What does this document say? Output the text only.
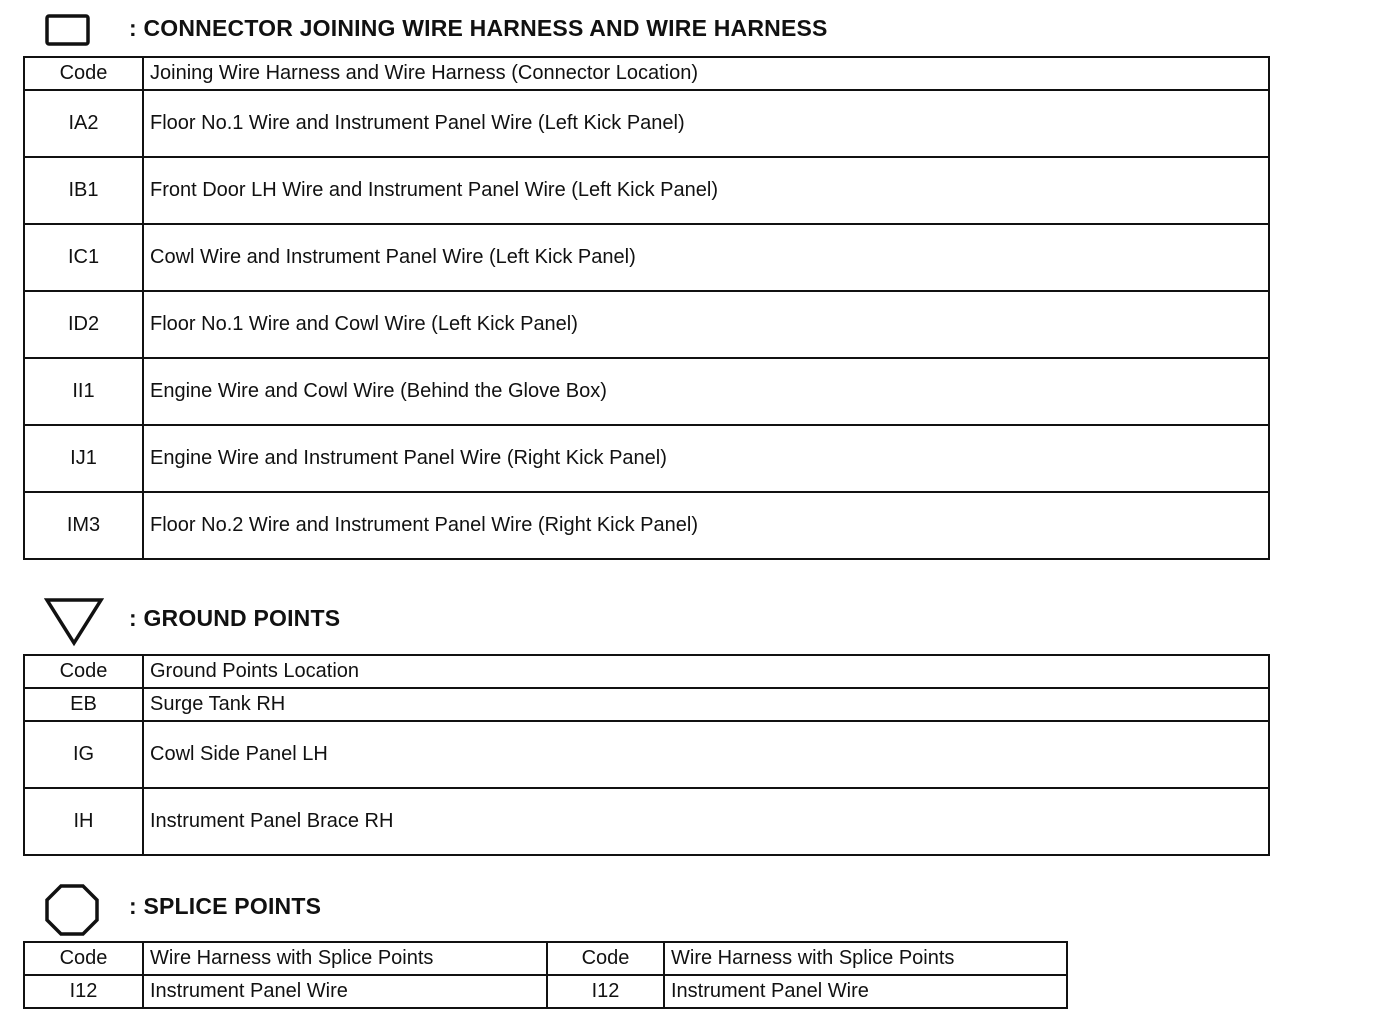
: CONNECTOR JOINING WIRE HARNESS AND WIRE HARNESS
Code	Joining Wire Harness and Wire Harness (Connector Location)
IA2	Floor No.1 Wire and Instrument Panel Wire (Left Kick Panel)
IB1	Front Door LH Wire and Instrument Panel Wire (Left Kick Panel)
IC1	Cowl Wire and Instrument Panel Wire (Left Kick Panel)
ID2	Floor No.1 Wire and Cowl Wire (Left Kick Panel)
II1	Engine Wire and Cowl Wire (Behind the Glove Box)
IJ1	Engine Wire and Instrument Panel Wire (Right Kick Panel)
IM3	Floor No.2 Wire and Instrument Panel Wire (Right Kick Panel)
: GROUND POINTS
Code	Ground Points Location
EB	Surge Tank RH
IG	Cowl Side Panel LH
IH	Instrument Panel Brace RH
: SPLICE POINTS
Code	Wire Harness with Splice Points	Code	Wire Harness with Splice Points
I12	Instrument Panel Wire	I12	Instrument Panel Wire
